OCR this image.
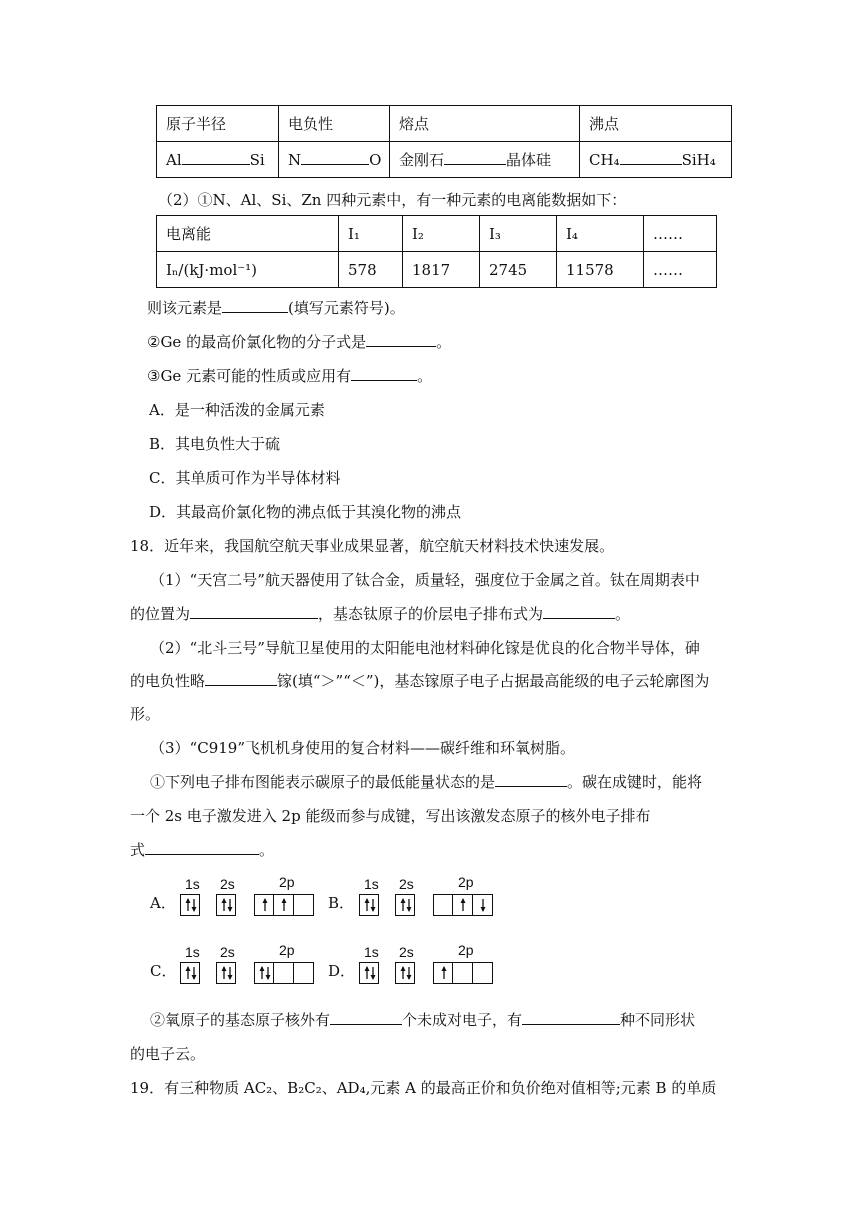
原子半径	电负性	熔点	沸点
Al Si	N O	金刚石 晶体硅	CH₄ SiH₄
（2）①N、Al、Si、Zn 四种元素中，有一种元素的电离能数据如下：
电离能	I₁	I₂	I₃	I₄	……
Iₙ/(kJ·mol⁻¹)	578	1817	2745	11578	……
则该元素是	(填写元素符号)。
②Ge 的最高价氯化物的分子式是	。
③Ge 元素可能的性质或应用有	。
A．是一种活泼的金属元素
B．其电负性大于硫
C．其单质可作为半导体材料
D．其最高价氯化物的沸点低于其溴化物的沸点
18．近年来，我国航空航天事业成果显著，航空航天材料技术快速发展。
（1）“天宫二号”航天器使用了钛合金，质量轻，强度位于金属之首。钛在周期表中
的位置为	，基态钛原子的价层电子排布式为	。
（2）“北斗三号”导航卫星使用的太阳能电池材料砷化镓是优良的化合物半导体，砷
的电负性略	镓(填“＞”“＜”)，基态镓原子电子占据最高能级的电子云轮廓图为
形。
（3）“C919”飞机机身使用的复合材料——碳纤维和环氧树脂。
①下列电子排布图能表示碳原子的最低能量状态的是	。碳在成键时，能将
一个 2s 电子激发进入 2p 能级而参与成键，写出该激发态原子的核外电子排布
式	。
A．	B．
C．	D．
1s 2s	2p	1s 2s	2p
1s 2s	2p	1s 2s	2p
②氧原子的基态原子核外有	个未成对电子，有	种不同形状
的电子云。
19．有三种物质 AC₂、B₂C₂、AD₄,元素 A 的最高正价和负价绝对值相等;元素 B 的单质
